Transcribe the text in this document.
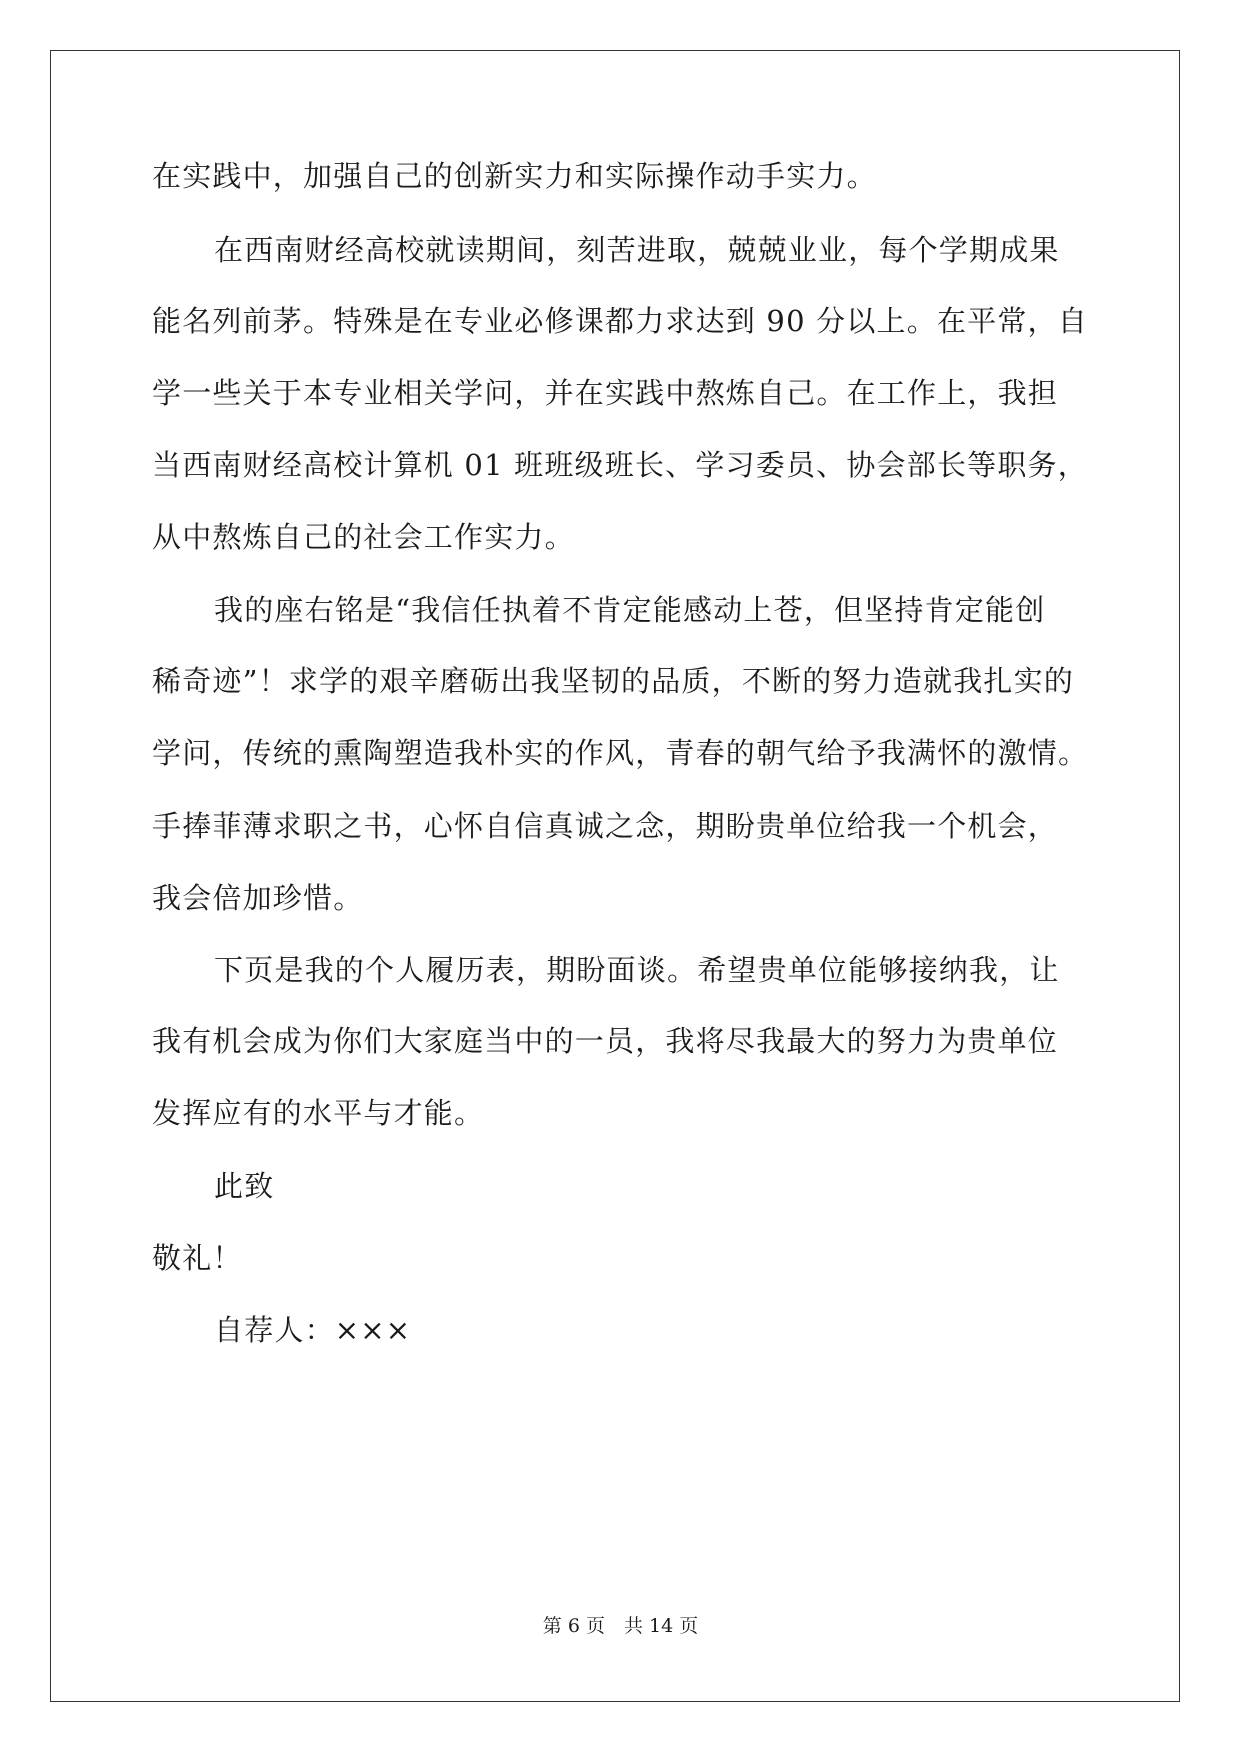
在实践中，加强自己的创新实力和实际操作动手实力。
在西南财经高校就读期间，刻苦进取，兢兢业业，每个学期成果
能名列前茅。特殊是在专业必修课都力求达到 90 分以上。在平常，自
学一些关于本专业相关学问，并在实践中熬炼自己。在工作上，我担
当西南财经高校计算机 01 班班级班长、学习委员、协会部长等职务，
从中熬炼自己的社会工作实力。
我的座右铭是“我信任执着不肯定能感动上苍，但坚持肯定能创
稀奇迹”！求学的艰辛磨砺出我坚韧的品质，不断的努力造就我扎实的
学问，传统的熏陶塑造我朴实的作风，青春的朝气给予我满怀的激情。
手捧菲薄求职之书，心怀自信真诚之念，期盼贵单位给我一个机会，
我会倍加珍惜。
下页是我的个人履历表，期盼面谈。希望贵单位能够接纳我，让
我有机会成为你们大家庭当中的一员，我将尽我最大的努力为贵单位
发挥应有的水平与才能。
此致
敬礼！
自荐人：×××
第 6 页　共 14 页
